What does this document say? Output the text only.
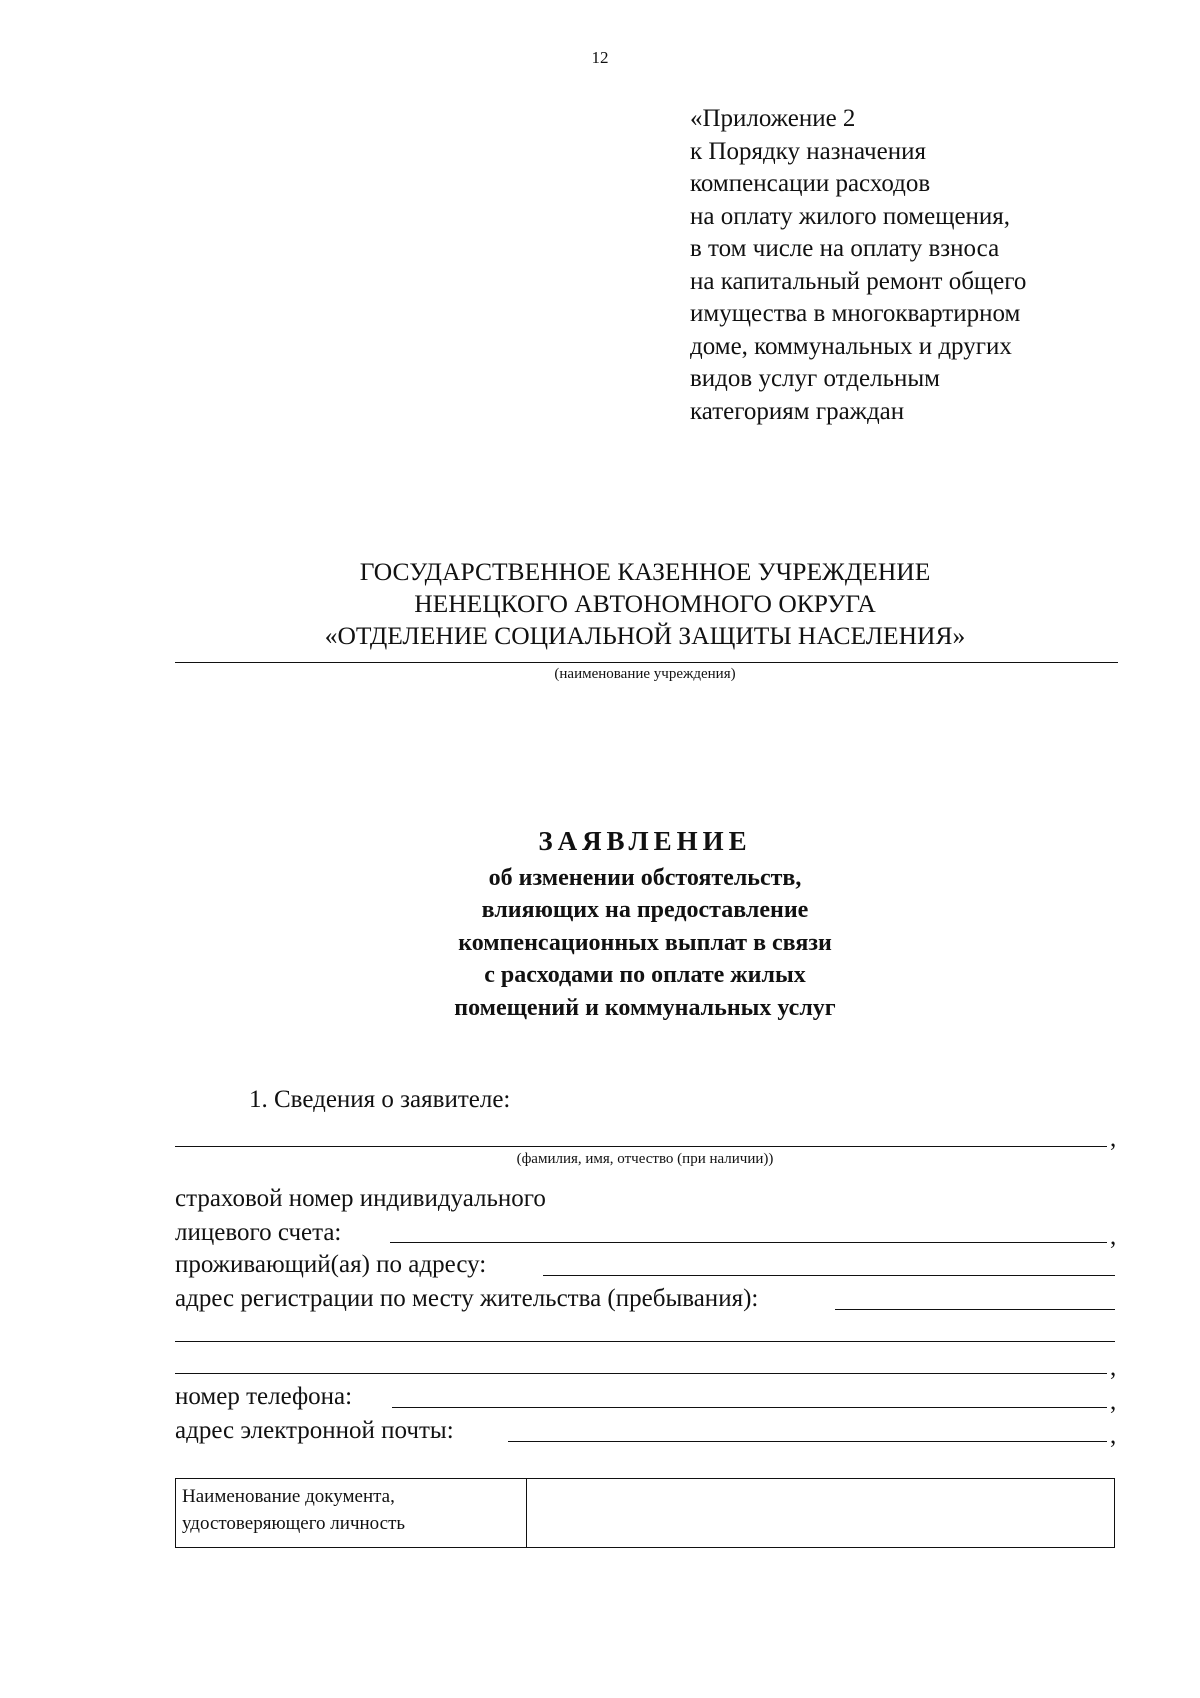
12
«Приложение 2
к Порядку назначения
компенсации расходов
на оплату жилого помещения,
в том числе на оплату взноса
на капитальный ремонт общего
имущества в многоквартирном
доме, коммунальных и других
видов услуг отдельным
категориям граждан
ГОСУДАРСТВЕННОЕ КАЗЕННОЕ УЧРЕЖДЕНИЕ
НЕНЕЦКОГО АВТОНОМНОГО ОКРУГА
«ОТДЕЛЕНИЕ СОЦИАЛЬНОЙ ЗАЩИТЫ НАСЕЛЕНИЯ»
(наименование учреждения)
ЗАЯВЛЕНИЕ
об изменении обстоятельств,
влияющих на предоставление
компенсационных выплат в связи
с расходами по оплате жилых
помещений и коммунальных услуг
1. Сведения о заявителе:
,
(фамилия, имя, отчество (при наличии))
страховой номер индивидуального
лицевого счета:	,
проживающий(ая) по адресу:
адрес регистрации по месту жительства (пребывания):
,
номер телефона:	,
адрес электронной почты:	,
Наименование документа,
удостоверяющего личность
